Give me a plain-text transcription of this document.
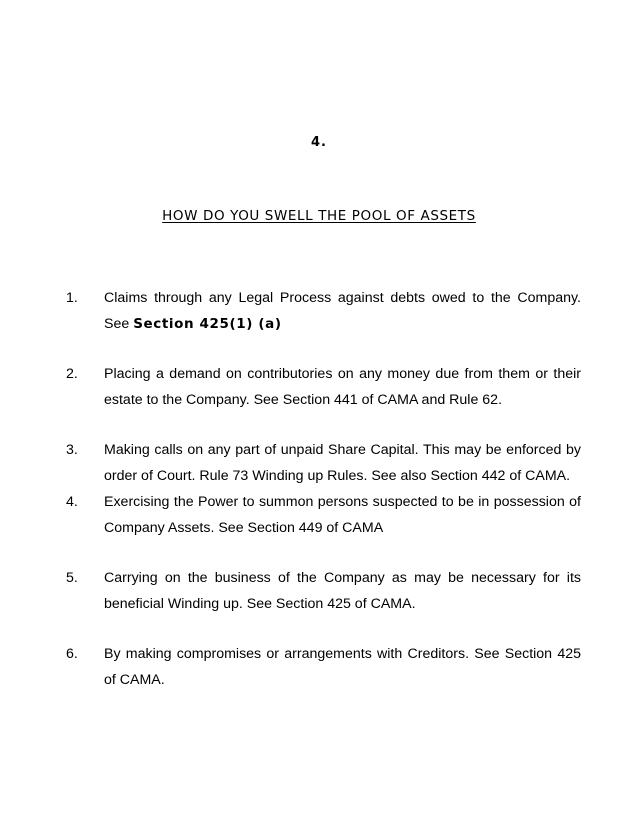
4.
HOW DO YOU SWELL THE POOL OF ASSETS
1. Claims through any Legal Process against debts owed to the Company. See Section 425(1) (a)
2. Placing a demand on contributories on any money due from them or their estate to the Company. See Section 441 of CAMA and Rule 62.
3. Making calls on any part of unpaid Share Capital. This may be enforced by order of Court. Rule 73 Winding up Rules. See also Section 442 of CAMA.
4. Exercising the Power to summon persons suspected to be in possession of Company Assets. See Section 449 of CAMA
5. Carrying on the business of the Company as may be necessary for its beneficial Winding up. See Section 425 of CAMA.
6. By making compromises or arrangements with Creditors. See Section 425 of CAMA.
